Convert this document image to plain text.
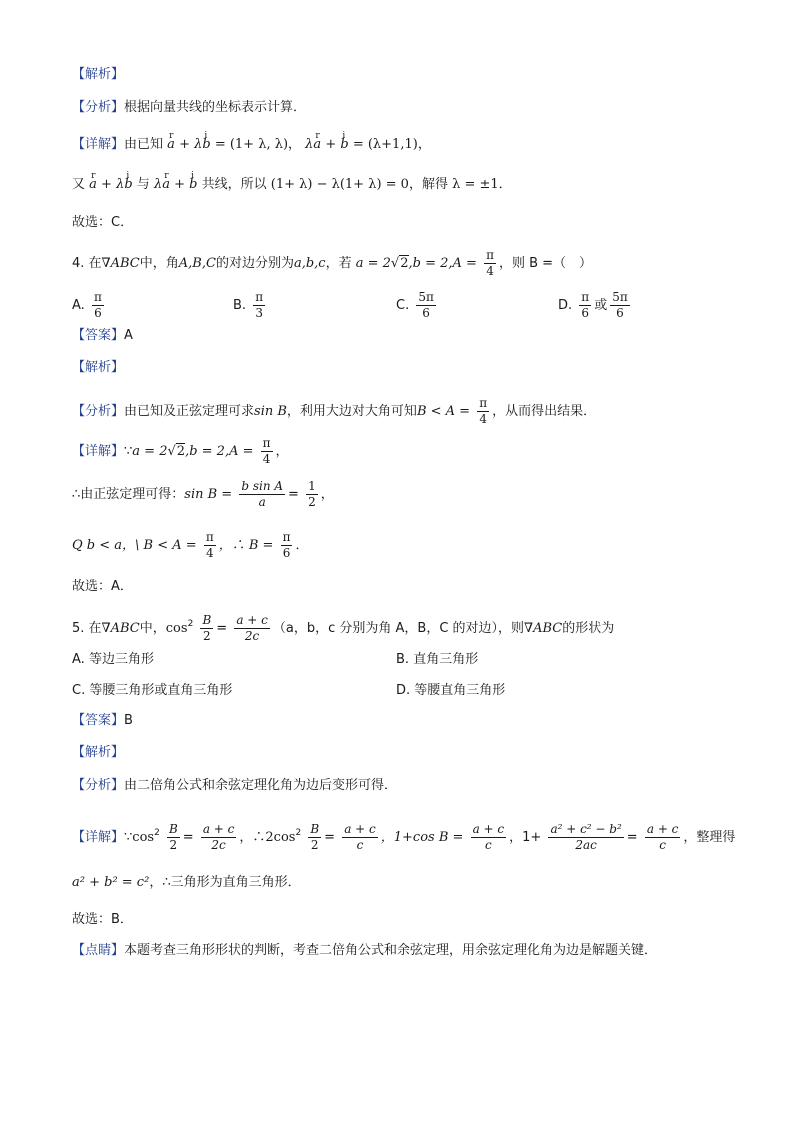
【解析】
【分析】根据向量共线的坐标表示计算．
【详解】由已知 r a + λi b = (1+ λ, λ)， λr a + i b = (λ+1,1)，
又 r a + λi b 与 λr a + i b 共线，所以 (1+ λ) − λ(1+ λ) = 0，解得 λ = ±1．
故选：C．
4. 在∇ABC中，角A,B,C的对边分别为a,b,c，若 $a = 2√2,b = 2,A = \frac{\pi}{4}$ ，则 B =（　）
A. $\frac{\pi}{6}$	B. $\frac{\pi}{3}$	C. $\frac{5\pi}{6}$	D. $\frac{\pi}{6}$ 或 $\frac{5\pi}{6}$
【答案】A
【解析】
【分析】由已知及正弦定理可求sin B，利用大边对大角可知$B < A = \frac{\pi}{4}$ ，从而得出结果．
【详解】∵a = $2√2,b = 2,A = \frac{\pi}{4}$ ，
∴由正弦定理可得：$\sin B = \frac{\text{b sin A}}{a} = \frac{1}{2}$ ，
Q b < a，\ $B < A = \frac{\pi}{4}$ ，∴ $B = \frac{\pi}{6}$ ．
故选：A．
5. 在∇ABC中，$\cos^2 \frac{B}{2} = \frac{a + c}{2c} (a$，b，c 分别为角 A，B，C 的对边），则∇ABC的形状为
A. 等边三角形	B. 直角三角形
C. 等腰三角形或直角三角形	D. 等腰直角三角形
【答案】B
【解析】
【分析】由二倍角公式和余弦定理化角为边后变形可得．
【详解】$\because\cos^2 \frac{B}{2} = \frac{a + c}{2c}$ ，$\therefore 2\cos^2 \frac{B}{2} = \frac{a + c}{c}$ ，1+cos $B = \frac{a + c}{c}$ ，$1+ \frac{\text{a² + c² − b²}}{2ac} = \frac{a + c}{c}$ ，整理得
a² + b² = c²，∴三角形为直角三角形．
故选：B．
【点睛】本题考查三角形形状的判断，考查二倍角公式和余弦定理，用余弦定理化角为边是解题关键．
